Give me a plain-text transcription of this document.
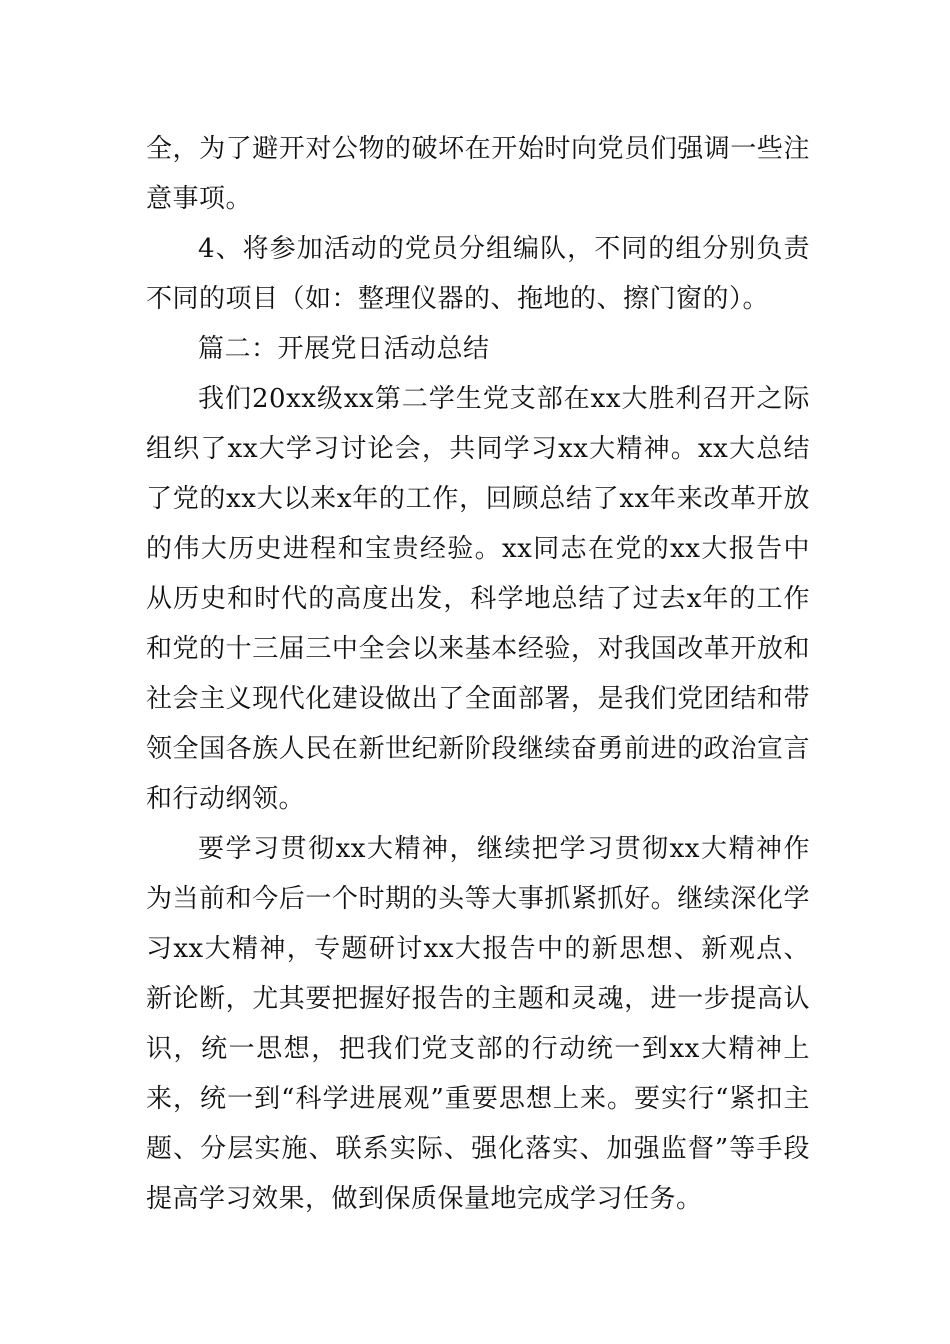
全，为了避开对公物的破坏在开始时向党员们强调一些注意事项。

4、将参加活动的党员分组编队，不同的组分别负责不同的项目（如：整理仪器的、拖地的、擦门窗的）。

篇二：开展党日活动总结

我们20xx级xx第二学生党支部在xx大胜利召开之际组织了xx大学习讨论会，共同学习xx大精神。xx大总结了党的xx大以来x年的工作，回顾总结了xx年来改革开放的伟大历史进程和宝贵经验。xx同志在党的xx大报告中从历史和时代的高度出发，科学地总结了过去x年的工作和党的十三届三中全会以来基本经验，对我国改革开放和社会主义现代化建设做出了全面部署，是我们党团结和带领全国各族人民在新世纪新阶段继续奋勇前进的政治宣言和行动纲领。

要学习贯彻xx大精神，继续把学习贯彻xx大精神作为当前和今后一个时期的头等大事抓紧抓好。继续深化学习xx大精神，专题研讨xx大报告中的新思想、新观点、新论断，尤其要把握好报告的主题和灵魂，进一步提高认识，统一思想，把我们党支部的行动统一到xx大精神上来，统一到“科学进展观”重要思想上来。要实行“紧扣主题、分层实施、联系实际、强化落实、加强监督”等手段提高学习效果，做到保质保量地完成学习任务。
